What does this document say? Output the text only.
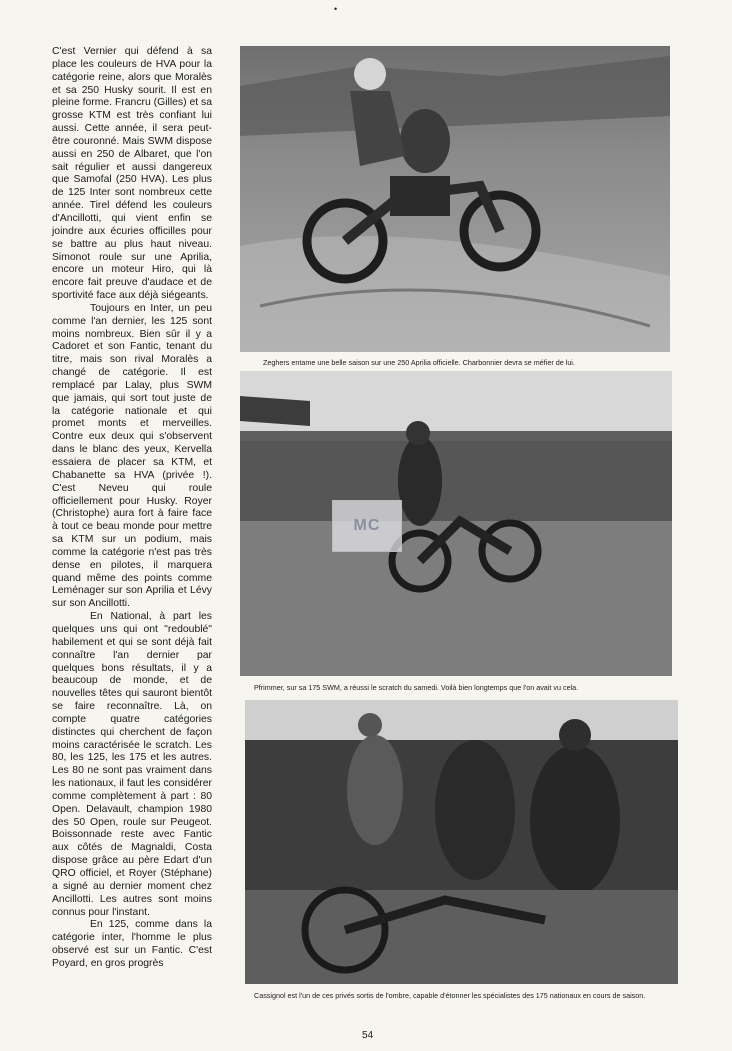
•

C'est Vernier qui défend à sa place les couleurs de HVA pour la catégorie reine, alors que Moralès et sa 250 Husky sourit. Il est en pleine forme. Francru (Gilles) et sa grosse KTM est très confiant lui aussi. Cette année, il sera peut-être couronné. Mais SWM dispose aussi en 250 de Albaret, que l'on sait régulier et aussi dangereux que Samofal (250 HVA). Les plus de 125 Inter sont nombreux cette année. Tirel défend les couleurs d'Ancillotti, qui vient enfin se joindre aux écuries officilles pour se battre au plus haut niveau. Simonot roule sur une Aprilia, encore un moteur Hiro, qui là encore fait preuve d'audace et de sportivité face aux déjà siégeants.

Toujours en Inter, un peu comme l'an dernier, les 125 sont moins nombreux. Bien sûr il y a Cadoret et son Fantic, tenant du titre, mais son rival Moralès a changé de catégorie. Il est remplacé par Lalay, plus SWM que jamais, qui sort tout juste de la catégorie nationale et qui promet monts et merveilles. Contre eux deux qui s'observent dans le blanc des yeux, Kervella essaiera de placer sa KTM, et Chabanette sa HVA (privée !). C'est Neveu qui roule officiellement pour Husky. Royer (Christophe) aura fort à faire face à tout ce beau monde pour mettre sa KTM sur un podium, mais comme la catégorie n'est pas très dense en pilotes, il marquera quand même des points comme Leménager sur son Aprilia et Lévy sur son Ancillotti.

En National, à part les quelques uns qui ont "redoublé" habilement et qui se sont déjà fait connaître l'an dernier par quelques bons résultats, il y a beaucoup de monde, et de nouvelles têtes qui sauront bientôt se faire reconnaître. Là, on compte quatre catégories distinctes qui cherchent de façon moins caractérisée le scratch. Les 80, les 125, les 175 et les autres. Les 80 ne sont pas vraiment dans les nationaux, il faut les considérer comme complètement à part : 80 Open. Delavault, champion 1980 des 50 Open, roule sur Peugeot. Boissonnade reste avec Fantic aux côtés de Magnaldi, Costa dispose grâce au père Edart d'un QRO officiel, et Royer (Stéphane) a signé au dernier moment chez Ancillotti. Les autres sont moins connus pour l'instant.

En 125, comme dans la catégorie inter, l'homme le plus observé est sur un Fantic. C'est Poyard, en gros progrès

Zeghers entame une belle saison sur une 250 Aprilia officielle. Charbonnier devra se méfier de lui.
MC
Pfrimmer, sur sa 175 SWM, a réussi le scratch du samedi. Voilà bien longtemps que l'on avait vu cela.
Cassignol est l'un de ces privés sortis de l'ombre, capable d'étonner les spécialistes des 175 nationaux en cours de saison.
54
